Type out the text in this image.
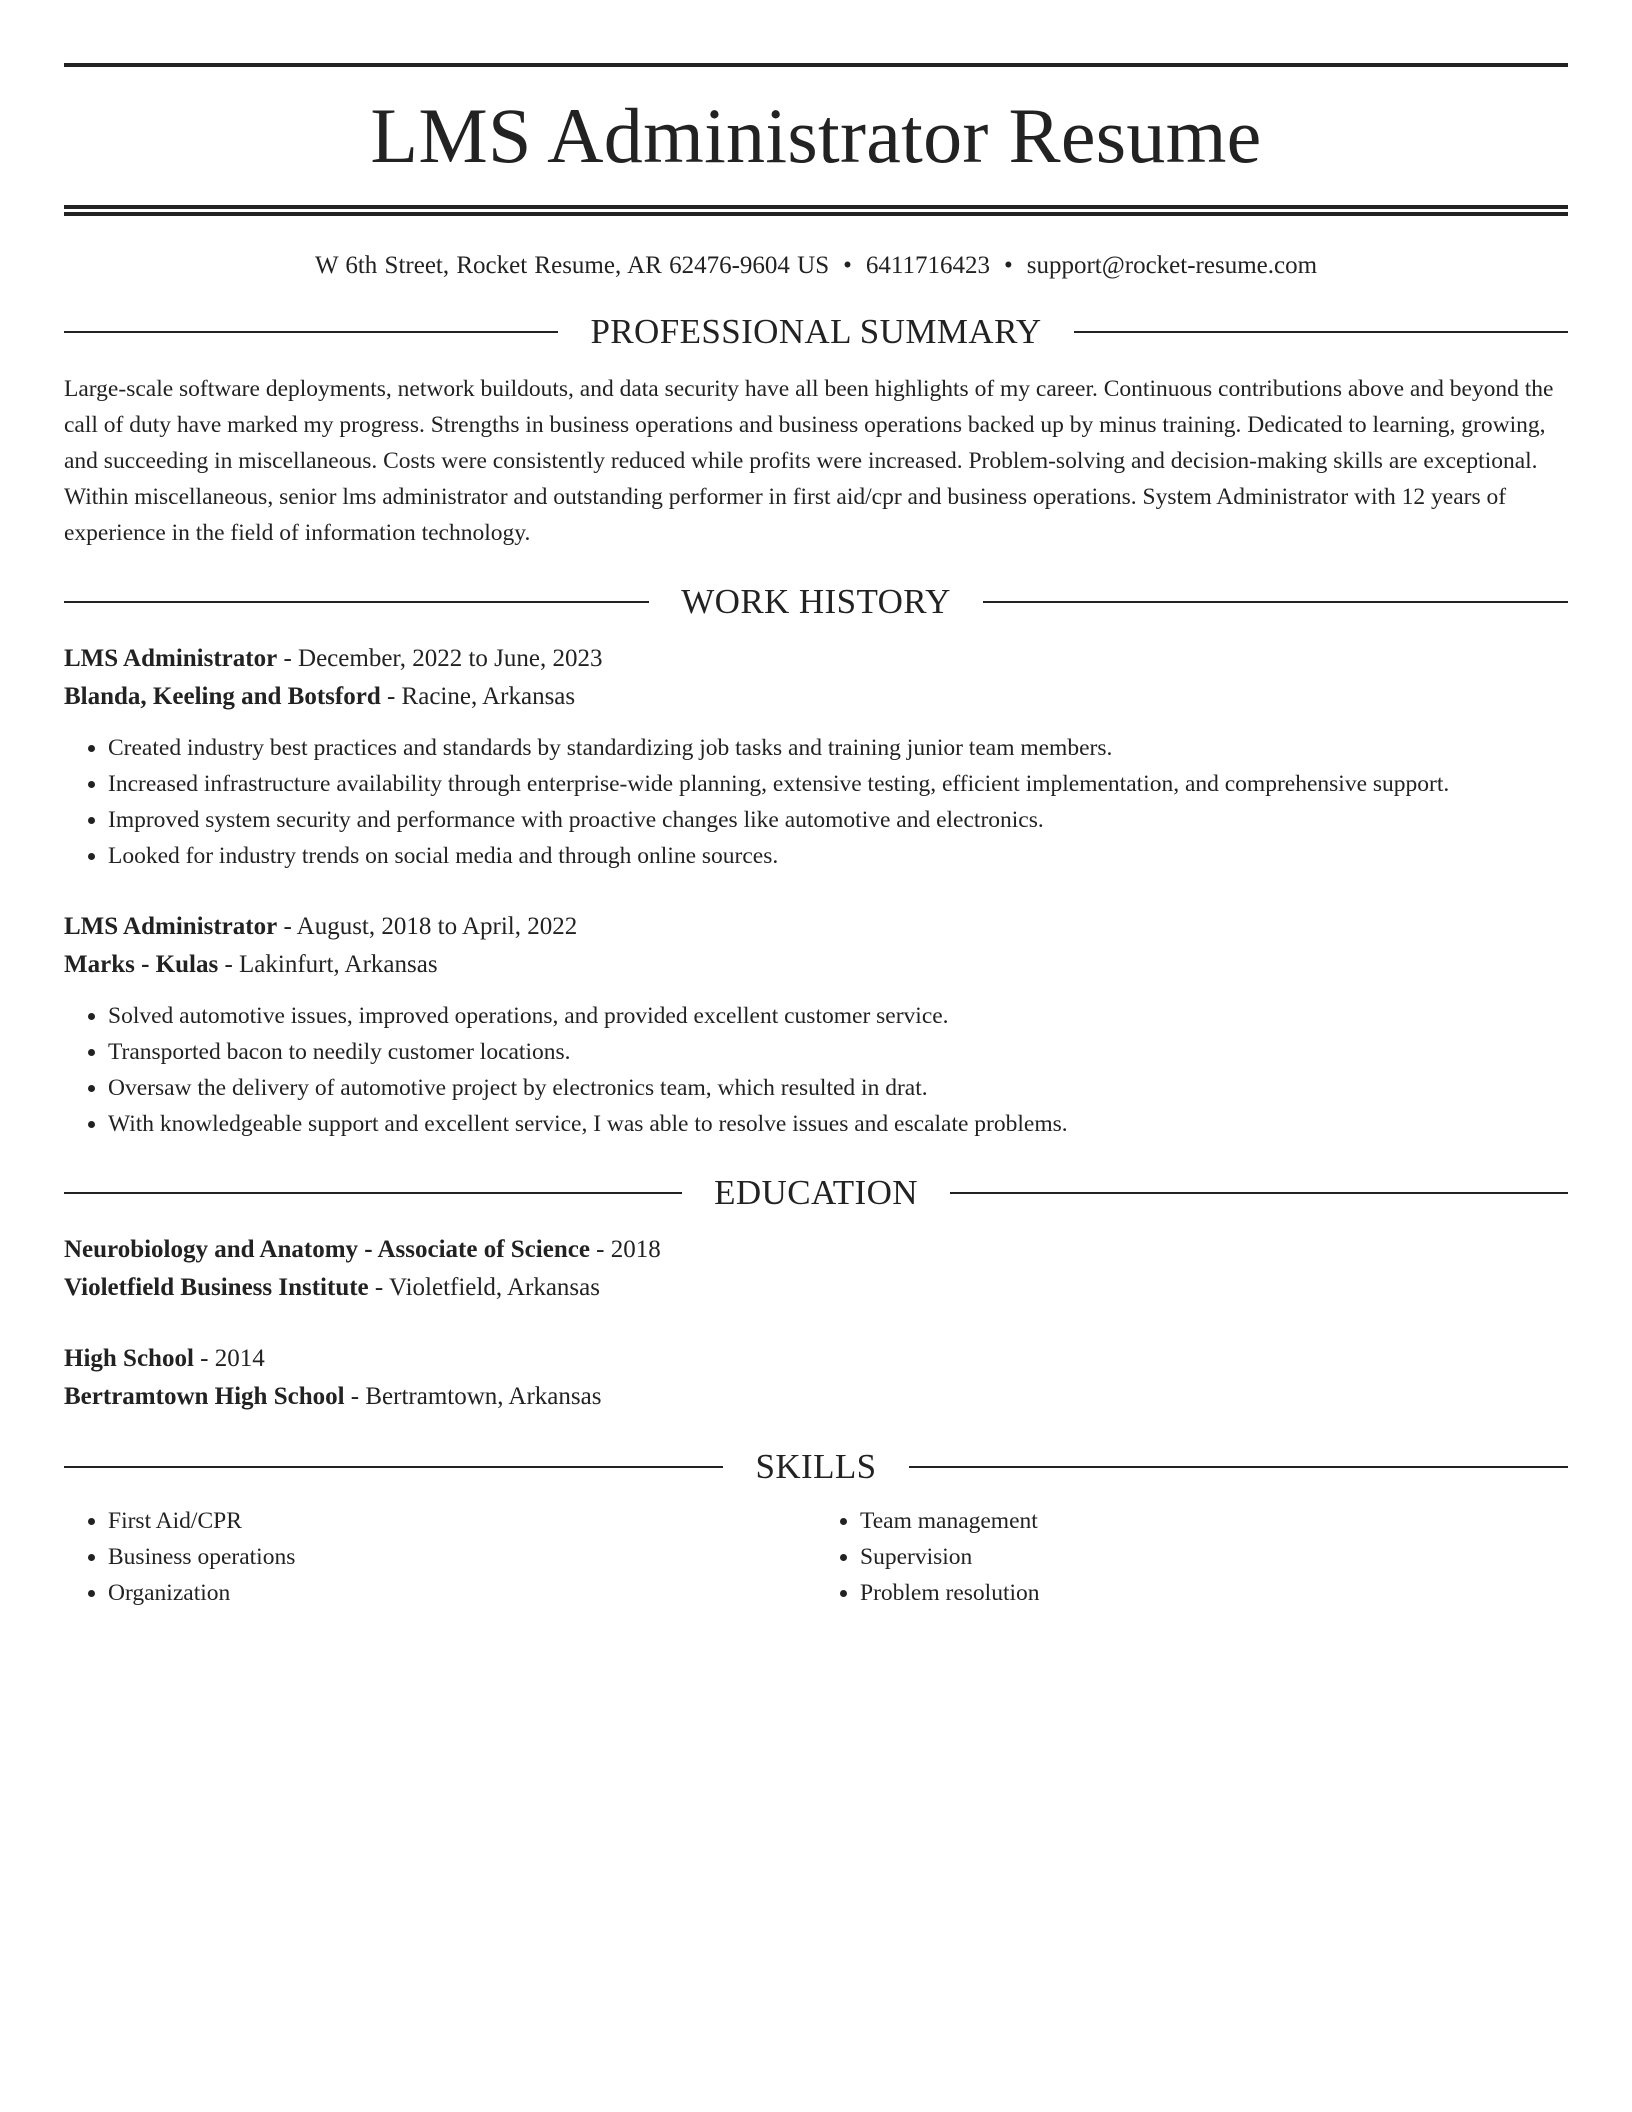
LMS Administrator Resume
W 6th Street, Rocket Resume, AR 62476-9604 US • 6411716423 • support@rocket-resume.com
PROFESSIONAL SUMMARY
Large-scale software deployments, network buildouts, and data security have all been highlights of my career. Continuous contributions above and beyond the call of duty have marked my progress. Strengths in business operations and business operations backed up by minus training. Dedicated to learning, growing, and succeeding in miscellaneous. Costs were consistently reduced while profits were increased. Problem-solving and decision-making skills are exceptional. Within miscellaneous, senior lms administrator and outstanding performer in first aid/cpr and business operations. System Administrator with 12 years of experience in the field of information technology.
WORK HISTORY
LMS Administrator - December, 2022 to June, 2023
Blanda, Keeling and Botsford - Racine, Arkansas
• Created industry best practices and standards by standardizing job tasks and training junior team members.
• Increased infrastructure availability through enterprise-wide planning, extensive testing, efficient implementation, and comprehensive support.
• Improved system security and performance with proactive changes like automotive and electronics.
• Looked for industry trends on social media and through online sources.
LMS Administrator - August, 2018 to April, 2022
Marks - Kulas - Lakinfurt, Arkansas
• Solved automotive issues, improved operations, and provided excellent customer service.
• Transported bacon to needily customer locations.
• Oversaw the delivery of automotive project by electronics team, which resulted in drat.
• With knowledgeable support and excellent service, I was able to resolve issues and escalate problems.
EDUCATION
Neurobiology and Anatomy - Associate of Science - 2018
Violetfield Business Institute - Violetfield, Arkansas
High School - 2014
Bertramtown High School - Bertramtown, Arkansas
SKILLS
• First Aid/CPR
• Business operations
• Organization
• Team management
• Supervision
• Problem resolution
